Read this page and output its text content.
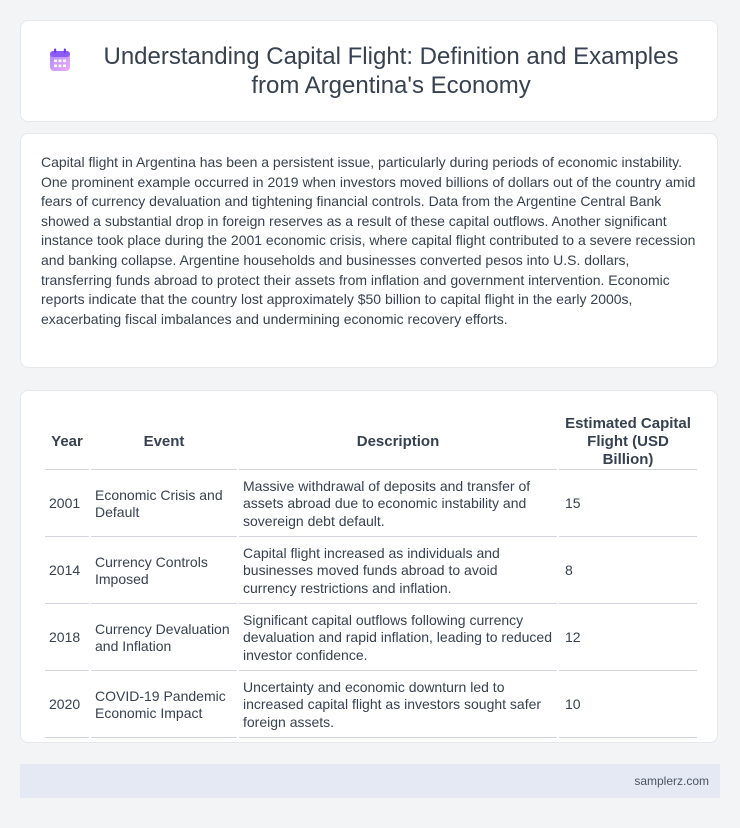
Understanding Capital Flight: Definition and Examples from Argentina's Economy

Capital flight in Argentina has been a persistent issue, particularly during periods of economic instability. One prominent example occurred in 2019 when investors moved billions of dollars out of the country amid fears of currency devaluation and tightening financial controls. Data from the Argentine Central Bank showed a substantial drop in foreign reserves as a result of these capital outflows. Another significant instance took place during the 2001 economic crisis, where capital flight contributed to a severe recession and banking collapse. Argentine households and businesses converted pesos into U.S. dollars, transferring funds abroad to protect their assets from inflation and government intervention. Economic reports indicate that the country lost approximately $50 billion to capital flight in the early 2000s, exacerbating fiscal imbalances and undermining economic recovery efforts.

Year	Event	Description	Estimated Capital Flight (USD Billion)
2001	Economic Crisis and Default	Massive withdrawal of deposits and transfer of assets abroad due to economic instability and sovereign debt default.	15
2014	Currency Controls Imposed	Capital flight increased as individuals and businesses moved funds abroad to avoid currency restrictions and inflation.	8
2018	Currency Devaluation and Inflation	Significant capital outflows following currency devaluation and rapid inflation, leading to reduced investor confidence.	12
2020	COVID-19 Pandemic Economic Impact	Uncertainty and economic downturn led to increased capital flight as investors sought safer foreign assets.	10
samplerz.com
